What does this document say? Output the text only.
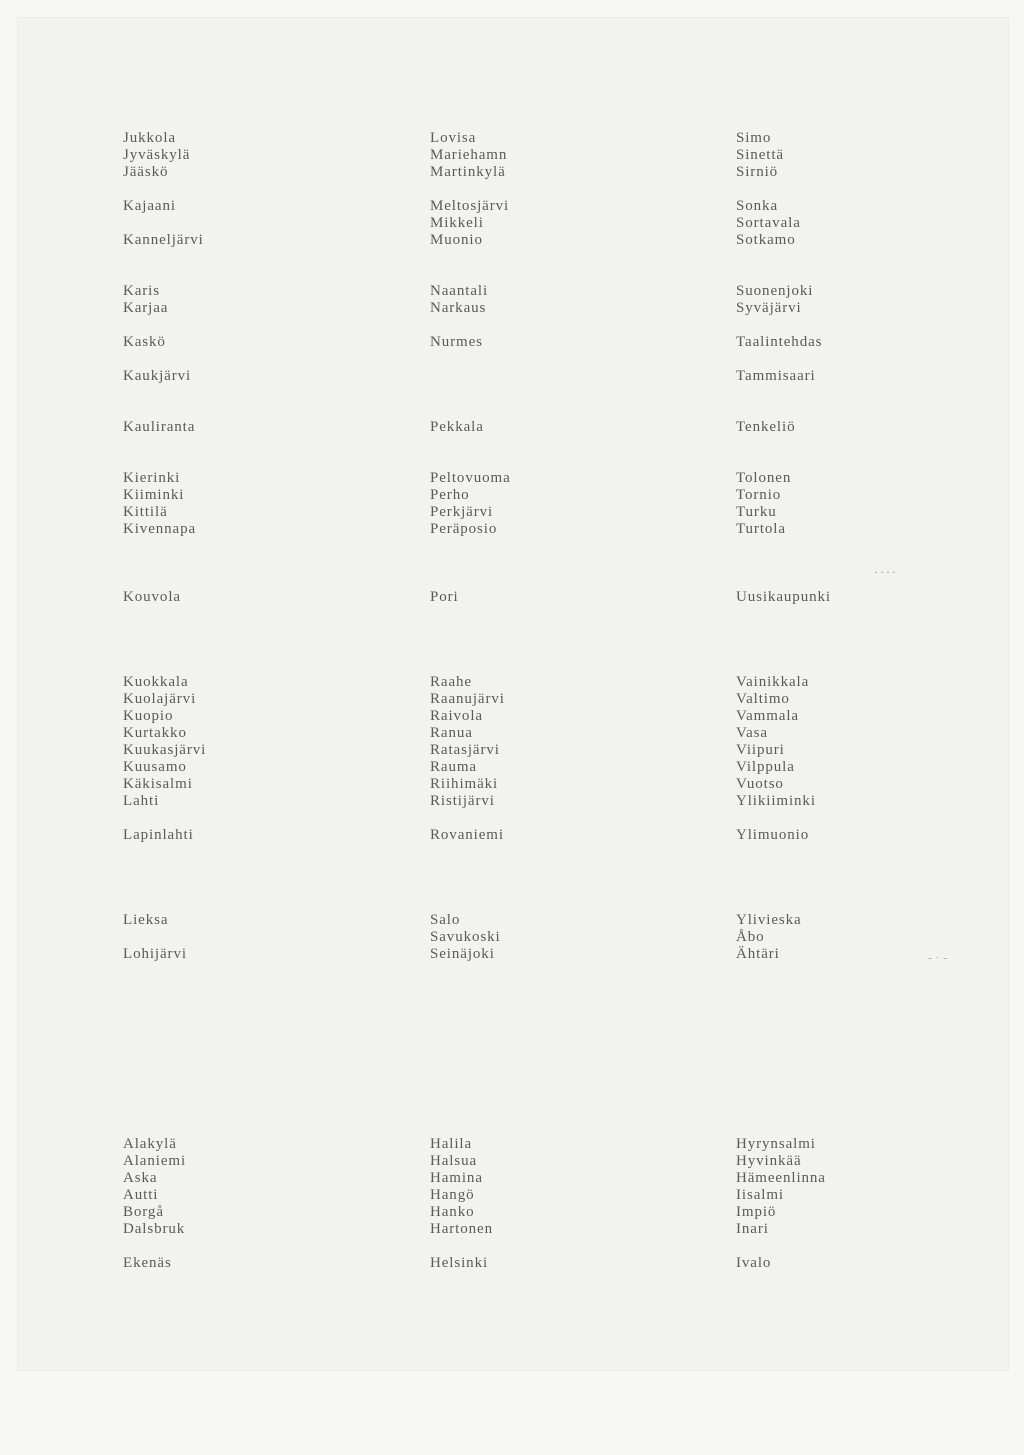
Jukkola
Jyväskylä
Jääskö
Kajaani
Kanneljärvi
Karis
Karjaa
Kaskö
Kaukjärvi
Kauliranta
Kierinki
Kiiminki
Kittilä
Kivennapa
Kouvola
Kuokkala
Kuolajärvi
Kuopio
Kurtakko
Kuukasjärvi
Kuusamo
Käkisalmi
Lahti
Lapinlahti
Lieksa
Lohijärvi
Alakylä
Alaniemi
Aska
Autti
Borgå
Dalsbruk
Ekenäs
Lovisa
Mariehamn
Martinkylä
Meltosjärvi
Mikkeli
Muonio
Naantali
Narkaus
Nurmes
Pekkala
Peltovuoma
Perho
Perkjärvi
Peräposio
Pori
Raahe
Raanujärvi
Raivola
Ranua
Ratasjärvi
Rauma
Riihimäki
Ristijärvi
Rovaniemi
Salo
Savukoski
Seinäjoki
Halila
Halsua
Hamina
Hangö
Hanko
Hartonen
Helsinki
Simo
Sinettä
Sirniö
Sonka
Sortavala
Sotkamo
Suonenjoki
Syväjärvi
Taalintehdas
Tammisaari
Tenkeliö
Tolonen
Tornio
Turku
Turtola
Uusikaupunki
Vainikkala
Valtimo
Vammala
Vasa
Viipuri
Vilppula
Vuotso
Ylikiiminki
Ylimuonio
Ylivieska
Åbo
Ähtäri
Hyrynsalmi
Hyvinkää
Hämeenlinna
Iisalmi
Impiö
Inari
Ivalo
····
-·-
